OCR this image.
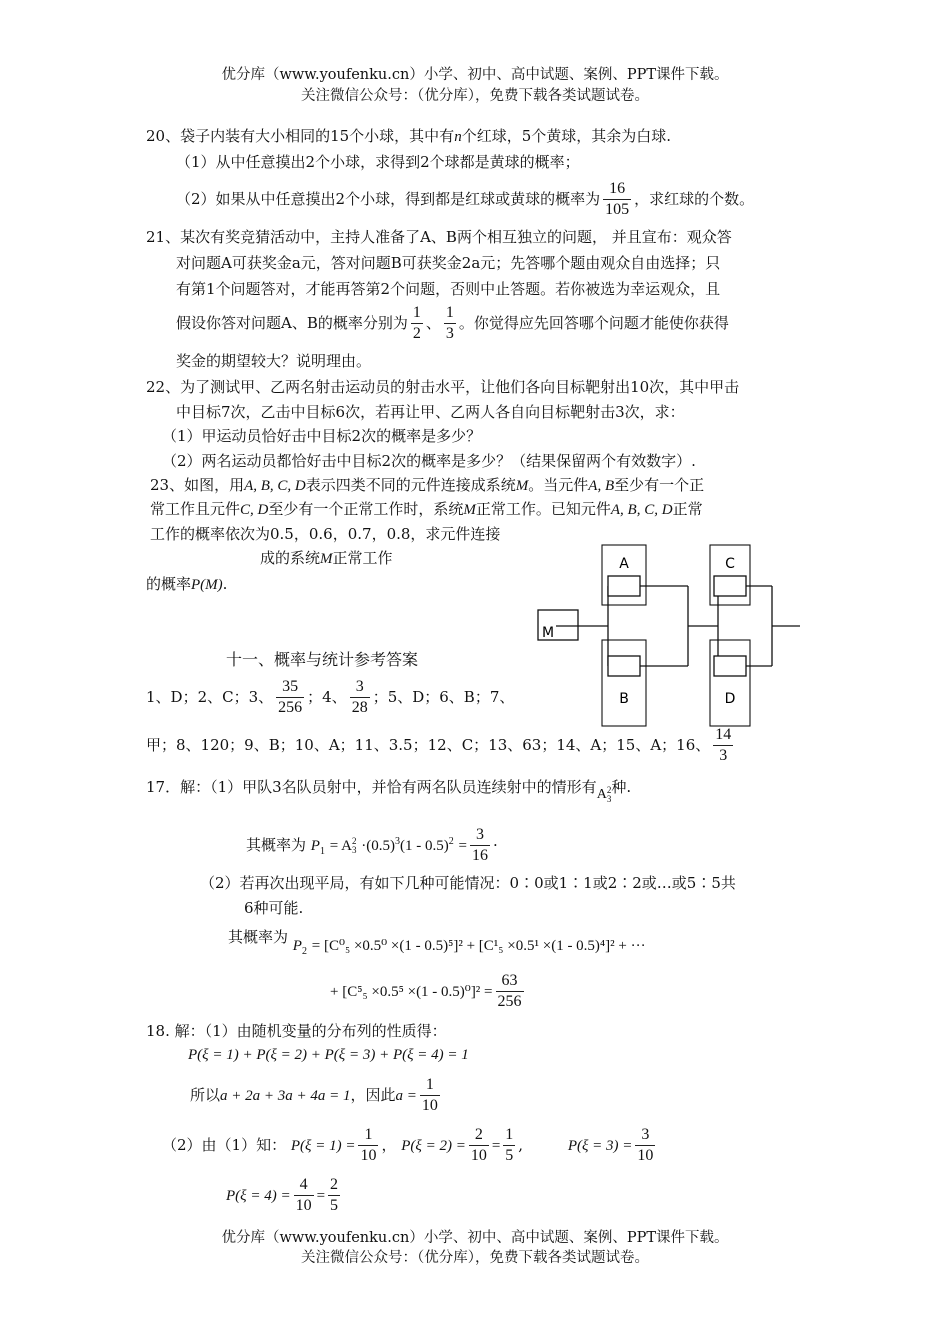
优分库（www.youfenku.cn）小学、初中、高中试题、案例、PPT课件下载。
关注微信公众号：（优分库），免费下载各类试题试卷。
20、袋子内装有大小相同的15个小球，其中有n个红球，5个黄球，其余为白球.
（1）从中任意摸出2个小球，求得到2个球都是黄球的概率；
（2）如果从中任意摸出2个小球，得到都是红球或黄球的概率为 $\frac{16}{105}$ ，求红球的个数。
21、某次有奖竞猜活动中，主持人准备了A、B两个相互独立的问题， 并且宣布：观众答
对问题A可获奖金a元，答对问题B可获奖金2a元；先答哪个题由观众自由选择；只
有第1个问题答对，才能再答第2个问题，否则中止答题。若你被选为幸运观众，且
假设你答对问题A、B的概率分别为 $\frac{1}{2}$ 、 $\frac{1}{3}$ 。你觉得应先回答哪个问题才能使你获得
奖金的期望较大？说明理由。
22、为了测试甲、乙两名射击运动员的射击水平，让他们各向目标靶射出10次，其中甲击
中目标7次，乙击中目标6次，若再让甲、乙两人各自向目标靶射击3次，求：
（1）甲运动员恰好击中目标2次的概率是多少？
（2）两名运动员都恰好击中目标2次的概率是多少？（结果保留两个有效数字）.
23、如图，用A, B, C, D表示四类不同的元件连接成系统M。当元件A, B至少有一个正
常工作且元件C, D至少有一个正常工作时，系统M正常工作。已知元件A, B, C, D正常
工作的概率依次为0.5，0.6，0.7，0.8，求元件连接
成的系统M正常工作
的概率P(M).
A
B
C
D
M
十一、概率与统计参考答案
1、D；2、C；3、 $\frac{35}{256}$ ；4、 $\frac{3}{28}$ ；5、D；6、B；7、
甲；8、120；9、B；10、A；11、3.5；12、C；13、63；14、A；15、A；16、 $\frac{14}{3}$
17．解：（1）甲队3名队员射中，并恰有两名队员连续射中的情形有A 2
3
种.
其概率为 $P_1 = A$ 2
$3 \cdot(0.5)^3(1 - 0.5)^2 = \frac{3}{16}$ ·
（2）若再次出现平局，有如下几种可能情况：0∶0或1∶1或2∶2或…或5∶5共
6种可能.
其概率为 $P_2 = [C^0_5 \times 0.5^0 \times(1 - 0.5)^5]^2 + [C^1_5 \times 0.5^1 \times(1 - 0.5)^4]^2$ + ···
+ $[C^5_5 \times 0.5^5 \times(1 - 0.5)^0]^2 = \frac{63}{256}$
18. 解：（1）由随机变量的分布列的性质得：
P(ξ = 1) + P(ξ = 2) + P(ξ = 3) + P(ξ = 4) = 1
所以a + 2a + 3a + 4a = 1，因此$a = \frac{1}{10}$
（2）由（1）知： $P(\xi = 1) = \frac{1}{10}$ ， $P(\xi = 2) = \frac{2}{10} = \frac{1}{5}$ ,	$P(\xi = 3) = \frac{3}{10}$
$P(\xi = 4) = \frac{4}{10} = \frac{2}{5}$
优分库（www.youfenku.cn）小学、初中、高中试题、案例、PPT课件下载。
关注微信公众号：（优分库），免费下载各类试题试卷。
